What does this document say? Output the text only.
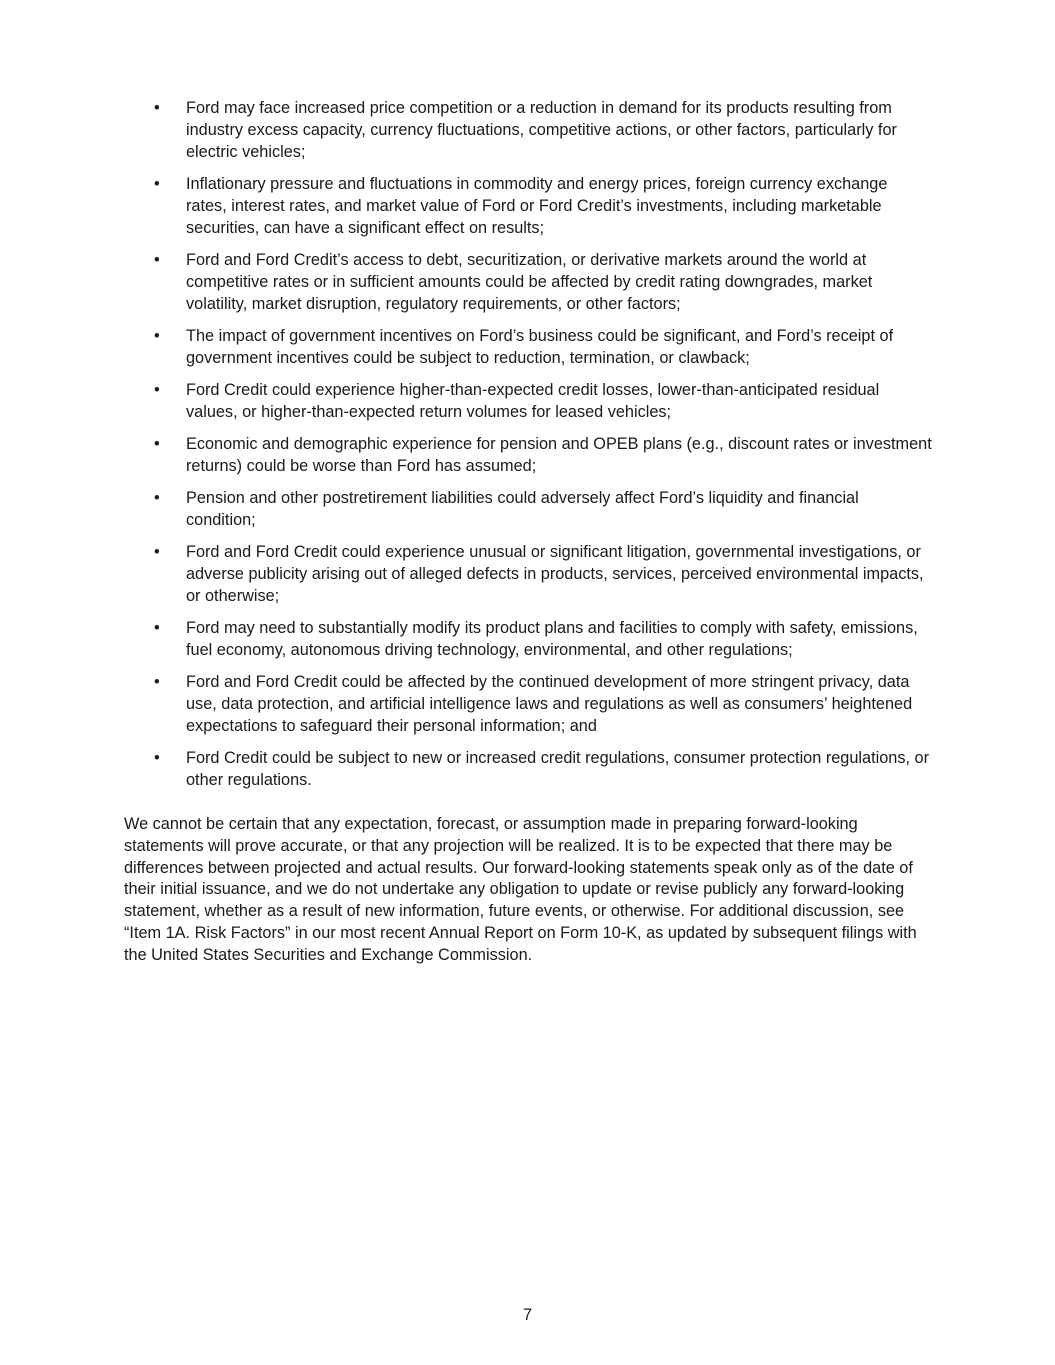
• Ford may face increased price competition or a reduction in demand for its products resulting from industry excess capacity, currency fluctuations, competitive actions, or other factors, particularly for electric vehicles;
• Inflationary pressure and fluctuations in commodity and energy prices, foreign currency exchange rates, interest rates, and market value of Ford or Ford Credit’s investments, including marketable securities, can have a significant effect on results;
• Ford and Ford Credit’s access to debt, securitization, or derivative markets around the world at competitive rates or in sufficient amounts could be affected by credit rating downgrades, market volatility, market disruption, regulatory requirements, or other factors;
• The impact of government incentives on Ford’s business could be significant, and Ford’s receipt of government incentives could be subject to reduction, termination, or clawback;
• Ford Credit could experience higher-than-expected credit losses, lower-than-anticipated residual values, or higher-than-expected return volumes for leased vehicles;
• Economic and demographic experience for pension and OPEB plans (e.g., discount rates or investment returns) could be worse than Ford has assumed;
• Pension and other postretirement liabilities could adversely affect Ford’s liquidity and financial condition;
• Ford and Ford Credit could experience unusual or significant litigation, governmental investigations, or adverse publicity arising out of alleged defects in products, services, perceived environmental impacts, or otherwise;
• Ford may need to substantially modify its product plans and facilities to comply with safety, emissions, fuel economy, autonomous driving technology, environmental, and other regulations;
• Ford and Ford Credit could be affected by the continued development of more stringent privacy, data use, data protection, and artificial intelligence laws and regulations as well as consumers’ heightened expectations to safeguard their personal information; and
• Ford Credit could be subject to new or increased credit regulations, consumer protection regulations, or other regulations.

We cannot be certain that any expectation, forecast, or assumption made in preparing forward-looking statements will prove accurate, or that any projection will be realized. It is to be expected that there may be differences between projected and actual results. Our forward-looking statements speak only as of the date of their initial issuance, and we do not undertake any obligation to update or revise publicly any forward-looking statement, whether as a result of new information, future events, or otherwise. For additional discussion, see “Item 1A. Risk Factors” in our most recent Annual Report on Form 10-K, as updated by subsequent filings with the United States Securities and Exchange Commission.

7
